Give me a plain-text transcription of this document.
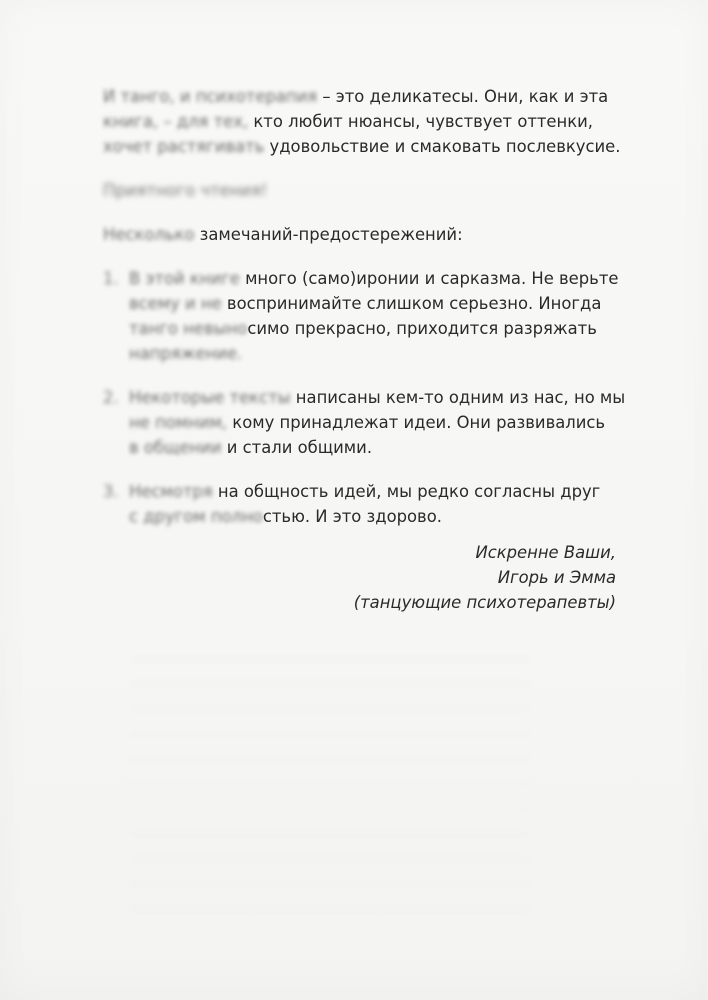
И танго, и психотерапия – это деликатесы. Они, как и эта
книга, – для тех, кто любит нюансы, чувствует оттенки,
хочет растягивать удовольствие и смаковать послевкусие.

Приятного чтения!

Несколько замечаний-предостережений:

1. В этой книге много (само)иронии и сарказма. Не верьте
всему и не воспринимайте слишком серьезно. Иногда
танго невыносимо прекрасно, приходится разряжать
напряжение.
2. Некоторые тексты написаны кем-то одним из нас, но мы
не помним, кому принадлежат идеи. Они развивались
в общении и стали общими.
3. Несмотря на общность идей, мы редко согласны друг
с другом полностью. И это здорово.
Искренне Ваши,
Игорь и Эмма
(танцующие психотерапевты)
